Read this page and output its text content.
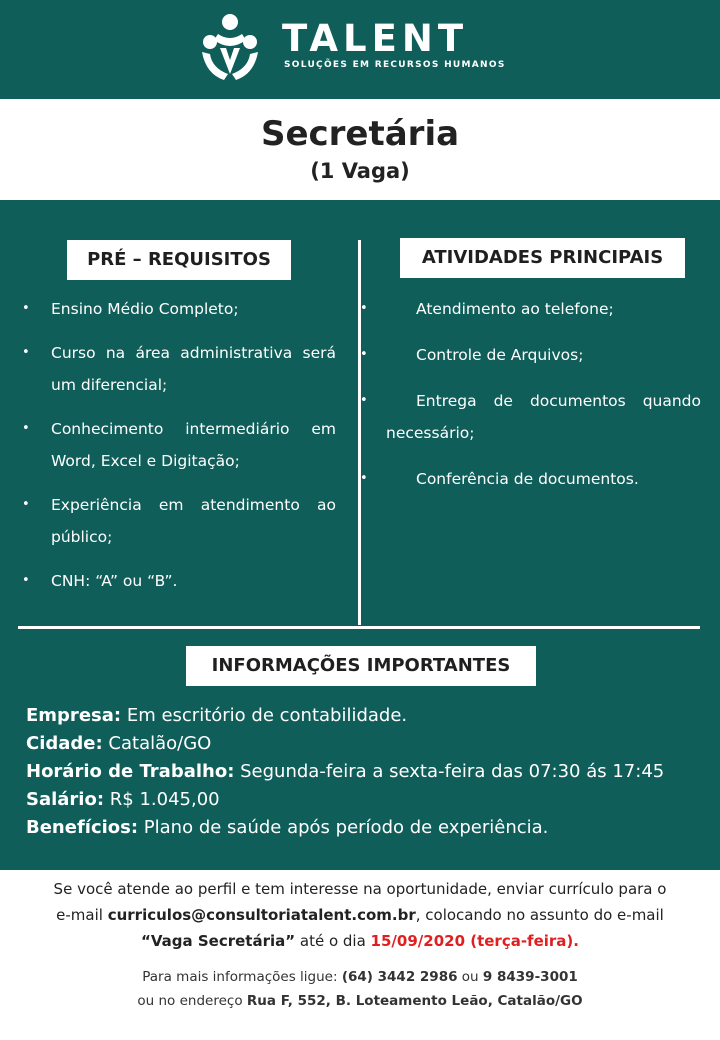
TALENT
SOLUÇÕES EM RECURSOS HUMANOS
Secretária
(1 Vaga)
PRÉ – REQUISITOS	ATIVIDADES PRINCIPAIS
• Ensino Médio Completo;
• Curso na área administrativa será um diferencial;
• Conhecimento intermediário em Word, Excel e Digitação;
• Experiência em atendimento ao público;
• CNH: “A” ou “B”.
•	Atendimento ao telefone;
•	Controle de Arquivos;
•	Entrega de documentos quando necessário;
•	Conferência de documentos.
INFORMAÇÕES IMPORTANTES
Empresa: Em escritório de contabilidade.
Cidade: Catalão/GO
Horário de Trabalho: Segunda-feira a sexta-feira das 07:30 ás 17:45
Salário: R$ 1.045,00
Benefícios: Plano de saúde após período de experiência.
Se você atende ao perfil e tem interesse na oportunidade, enviar currículo para o
e-mail curriculos@consultoriatalent.com.br, colocando no assunto do e-mail
“Vaga Secretária” até o dia 15/09/2020 (terça-feira).
Para mais informações ligue: (64) 3442 2986 ou 9 8439-3001
ou no endereço Rua F, 552, B. Loteamento Leão, Catalão/GO
